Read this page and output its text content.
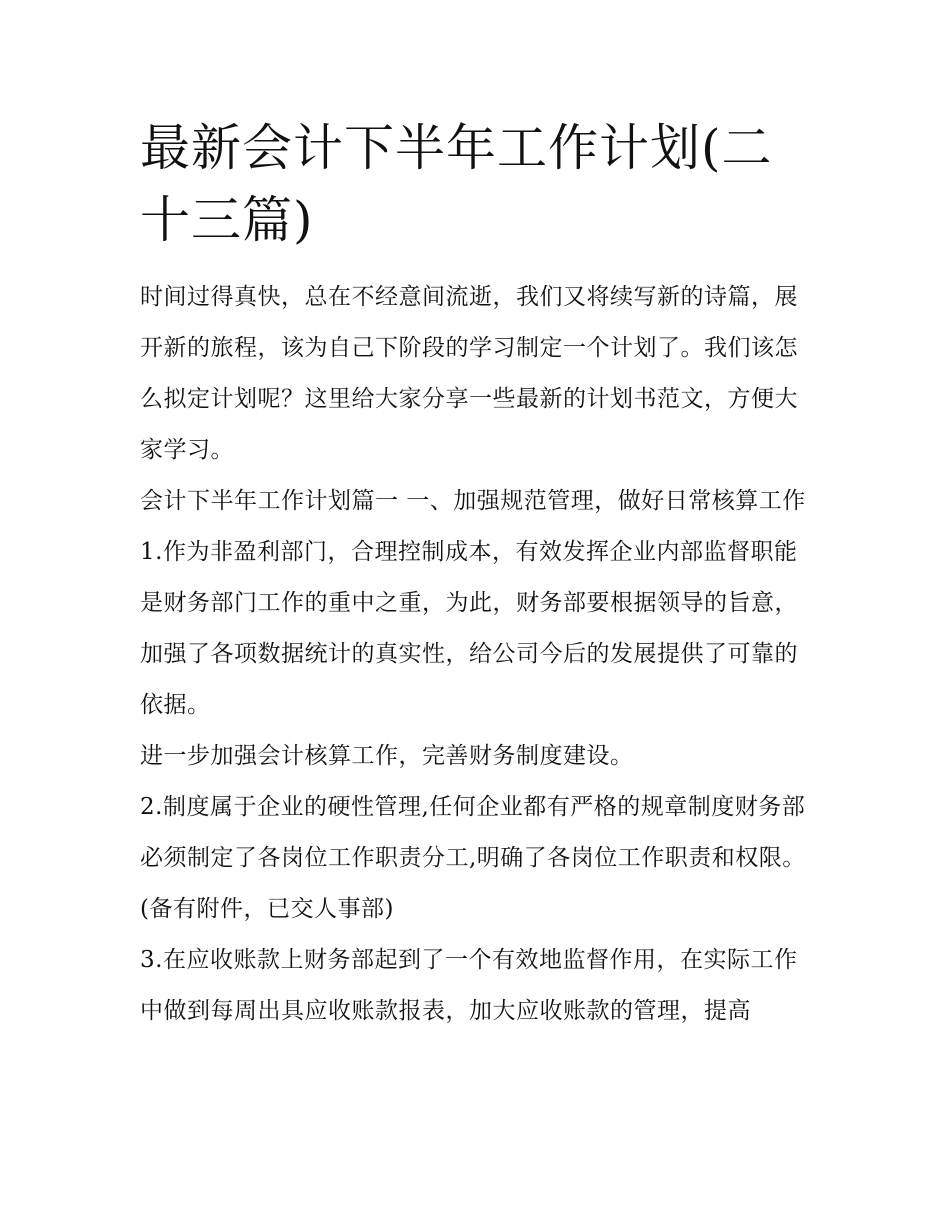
最新会计下半年工作计划(二十三篇)

时间过得真快，总在不经意间流逝，我们又将续写新的诗篇，展开新的旅程，该为自己下阶段的学习制定一个计划了。我们该怎么拟定计划呢？这里给大家分享一些最新的计划书范文，方便大家学习。

会计下半年工作计划篇一 一、加强规范管理，做好日常核算工作

1.作为非盈利部门，合理控制成本，有效发挥企业内部监督职能是财务部门工作的重中之重，为此，财务部要根据领导的旨意，加强了各项数据统计的真实性，给公司今后的发展提供了可靠的依据。

进一步加强会计核算工作，完善财务制度建设。

2.制度属于企业的硬性管理,任何企业都有严格的规章制度财务部必须制定了各岗位工作职责分工,明确了各岗位工作职责和权限。 (备有附件，已交人事部)

3.在应收账款上财务部起到了一个有效地监督作用，在实际工作中做到每周出具应收账款报表，加大应收账款的管理，提高
